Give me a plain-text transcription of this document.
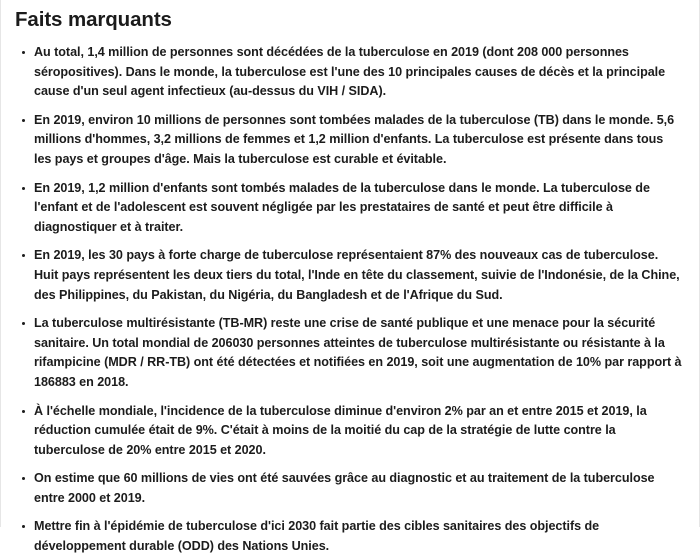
Faits marquants
Au total, 1,4 million de personnes sont décédées de la tuberculose en 2019 (dont 208 000 personnes séropositives). Dans le monde, la tuberculose est l'une des 10 principales causes de décès et la principale cause d'un seul agent infectieux (au-dessus du VIH / SIDA).
En 2019, environ 10 millions de personnes sont tombées malades de la tuberculose (TB) dans le monde. 5,6 millions d'hommes, 3,2 millions de femmes et 1,2 million d'enfants. La tuberculose est présente dans tous les pays et groupes d'âge. Mais la tuberculose est curable et évitable.
En 2019, 1,2 million d'enfants sont tombés malades de la tuberculose dans le monde. La tuberculose de l'enfant et de l'adolescent est souvent négligée par les prestataires de santé et peut être difficile à diagnostiquer et à traiter.
En 2019, les 30 pays à forte charge de tuberculose représentaient 87% des nouveaux cas de tuberculose. Huit pays représentent les deux tiers du total, l'Inde en tête du classement, suivie de l'Indonésie, de la Chine, des Philippines, du Pakistan, du Nigéria, du Bangladesh et de l'Afrique du Sud.
La tuberculose multirésistante (TB-MR) reste une crise de santé publique et une menace pour la sécurité sanitaire. Un total mondial de 206030 personnes atteintes de tuberculose multirésistante ou résistante à la rifampicine (MDR / RR-TB) ont été détectées et notifiées en 2019, soit une augmentation de 10% par rapport à 186883 en 2018.
À l'échelle mondiale, l'incidence de la tuberculose diminue d'environ 2% par an et entre 2015 et 2019, la réduction cumulée était de 9%. C'était à moins de la moitié du cap de la stratégie de lutte contre la tuberculose de 20% entre 2015 et 2020.
On estime que 60 millions de vies ont été sauvées grâce au diagnostic et au traitement de la tuberculose entre 2000 et 2019.
Mettre fin à l'épidémie de tuberculose d'ici 2030 fait partie des cibles sanitaires des objectifs de développement durable (ODD) des Nations Unies.
